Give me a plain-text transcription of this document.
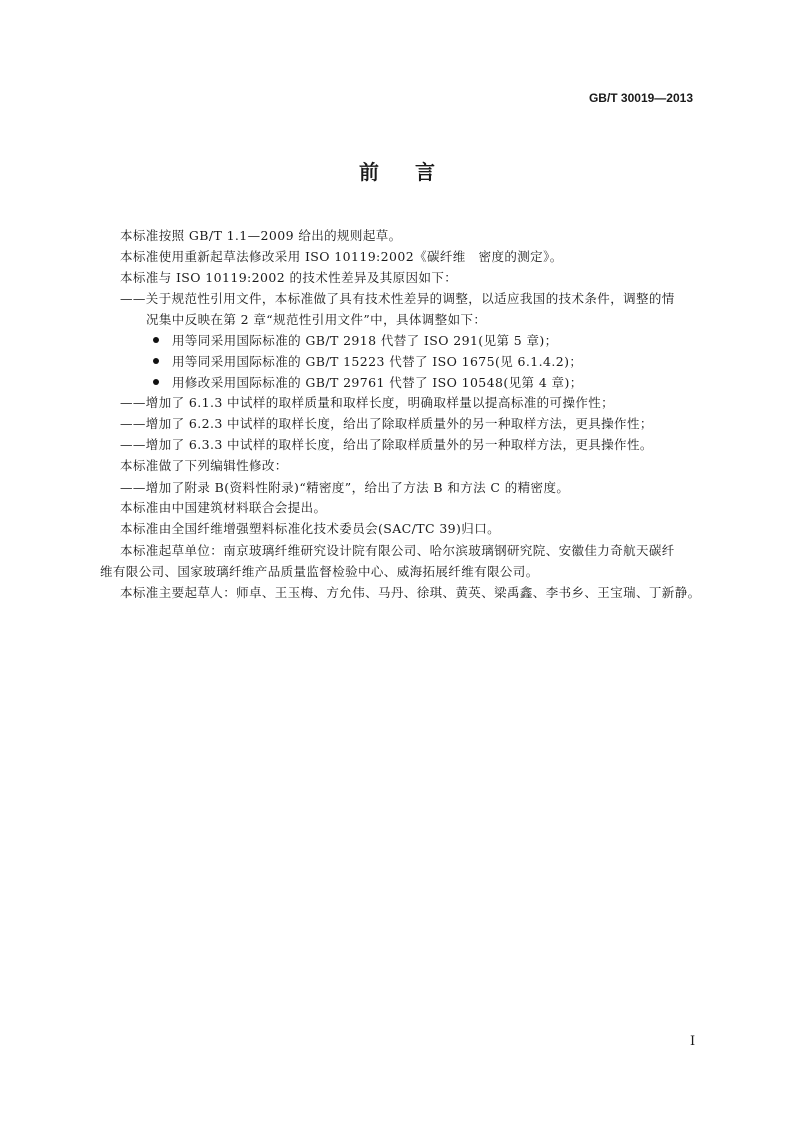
GB/T 30019—2013
前言
本标准按照 GB/T 1.1—2009 给出的规则起草。
本标准使用重新起草法修改采用 ISO 10119:2002《碳纤维　密度的测定》。
本标准与 ISO 10119:2002 的技术性差异及其原因如下：
——关于规范性引用文件，本标准做了具有技术性差异的调整，以适应我国的技术条件，调整的情
况集中反映在第 2 章“规范性引用文件”中，具体调整如下：
用等同采用国际标准的 GB/T 2918 代替了 ISO 291(见第 5 章)；
用等同采用国际标准的 GB/T 15223 代替了 ISO 1675(见 6.1.4.2)；
用修改采用国际标准的 GB/T 29761 代替了 ISO 10548(见第 4 章)；
——增加了 6.1.3 中试样的取样质量和取样长度，明确取样量以提高标准的可操作性；
——增加了 6.2.3 中试样的取样长度，给出了除取样质量外的另一种取样方法，更具操作性；
——增加了 6.3.3 中试样的取样长度，给出了除取样质量外的另一种取样方法，更具操作性。
本标准做了下列编辑性修改：
——增加了附录 B(资料性附录)“精密度”，给出了方法 B 和方法 C 的精密度。
本标准由中国建筑材料联合会提出。
本标准由全国纤维增强塑料标准化技术委员会(SAC/TC 39)归口。
本标准起草单位：南京玻璃纤维研究设计院有限公司、哈尔滨玻璃钢研究院、安徽佳力奇航天碳纤
维有限公司、国家玻璃纤维产品质量监督检验中心、威海拓展纤维有限公司。
本标准主要起草人：师卓、王玉梅、方允伟、马丹、徐琪、黄英、梁禹鑫、李书乡、王宝瑞、丁新静。
I
